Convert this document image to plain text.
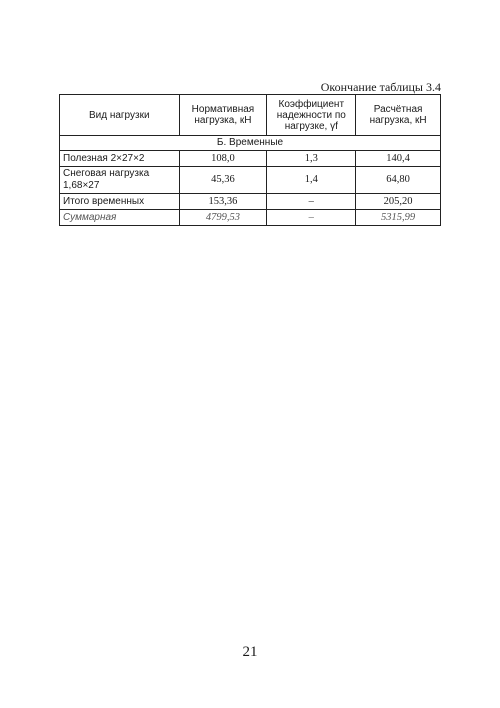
Окончание таблицы 3.4
Вид нагрузки	Нормативная нагрузка, кН	Коэффициент надежности по нагрузке, γf	Расчётная нагрузка, кН
Б. Временные			
Полезная 2×27×2	108,0	1,3	140,4
Снеговая нагрузка 1,68×27	45,36	1,4	64,80
Итого временных	153,36	–	205,20
Суммарная	4799,53	–	5315,99
21
